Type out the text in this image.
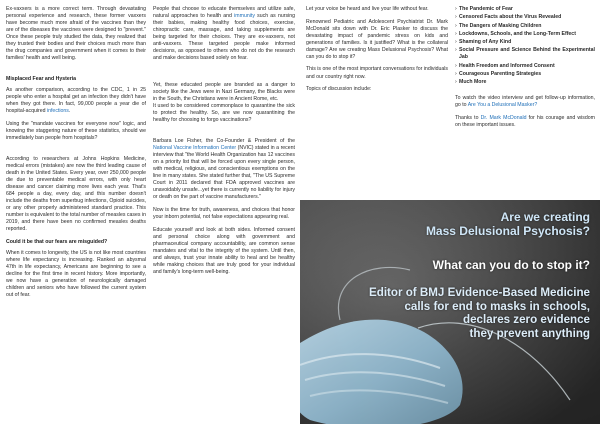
Ex-vaxxers is a more correct term. Through devastating personal experience and research, these former vaxxers have become much more afraid of the vaccines than they are of the diseases the vaccines were designed to "prevent." Once these people truly studied the data, they realized that they trusted their bodies and their choices much more than the drug companies and government when it comes to their families' health and well being.

Misplaced Fear and Hysteria

As another comparison, according to the CDC, 1 in 25 people who enter a hospital get an infection they didn't have when they got there. In fact, 99,000 people a year die of hospital-acquired infections.

Using the "mandate vaccines for everyone now" logic, and knowing the staggering nature of these statistics, should we immediately ban people from hospitals?

According to researchers at Johns Hopkins Medicine, medical errors (mistakes) are now the third leading cause of death in the United States. Every year, over 250,000 people die due to preventable medical errors, with only heart disease and cancer claiming more lives each year. That's 684 people a day, every day, and this number doesn't include the deaths from superbug infections, Opioid suicides, or any other properly administered standard practice. This number is equivalent to the total number of measles cases in 2019, and there have been no confirmed measles deaths reported.

Could it be that our fears are misguided?

When it comes to longevity, the US is not like most countries where life expectancy is increasing. Ranked an abysmal 47th in life expectancy, Americans are beginning to see a decline for the first time in recent history. More importantly, we now have a generation of neurologically damaged children and seniors who have followed the current system out of fear.

People that choose to educate themselves and utilize safe, natural approaches to health and immunity such as nursing their babies, making healthy food choices, exercise, chiropractic care, massage, and taking supplements are being targeted for their choices. They are ex-vaxxers, not anti-vaxxers. These targeted people make informed decisions, as opposed to others who do not do the research and make decisions based solely on fear.

Yet, these educated people are branded as a danger to society like the Jews were in Nazi Germany, the Blacks were in the South, the Christians were in Ancient Rome, etc.
It used to be considered commonplace to quarantine the sick to protect the healthy. So, are we now quarantining the healthy for choosing to forgo vaccinations?

Barbara Loe Fisher, the Co-Founder & President of the National Vaccine Information Center (NVIC) stated in a recent interview that "the World Health Organization has 12 vaccines on a priority list that will be forced upon every single person, with medical, religious, and conscientious exemptions on the line in many states. She stated further that, "The US Supreme Court in 2011 declared that FDA approved vaccines are unavoidably unsafe...yet there is currently no liability for injury or death on the part of vaccine manufacturers."

Now is the time for truth, awareness, and choices that honor your inborn potential, not false expectations appearing real.

Educate yourself and look at both sides. Informed consent and personal choice along with government and pharmaceutical company accountability, are common sense mandates and vital to the integrity of the system. Until then, and always, trust your innate ability to heal and be healthy while making choices that are truly good for your individual and family's long-term well-being.

Let your voice be heard and live your life without fear.

Renowned Pediatric and Adolescent Psychiatrist Dr. Mark McDonald sits down with Dr. Eric Plasker to discuss the devastating impact of pandemic stress on kids and generations of families. Is it justified? What is the collateral damage? Are we creating Mass Delusional Psychosis? What can you do to stop it?

This is one of the most important conversations for individuals and our country right now.

Topics of discussion include:

› The Pandemic of Fear
› Censored Facts about the Virus Revealed
› The Dangers of Masking Children
› Lockdowns, Schools, and the Long-Term Effect
› Shaming of Any Kind
› Social Pressure and Science Behind the Experimental Jab
› Health Freedom and Informed Consent
› Courageous Parenting Strategies
› Much More

To watch the video interview and get follow-up information, go to Are You a Delusional Masker?

Thanks to Dr. Mark McDonald for his courage and wisdom on these important issues.

Are we creating
Mass Delusional Psychosis?
What can you do to stop it?
Editor of BMJ Evidence-Based Medicine
calls for end to masks in schools,
declares zero evidence
they prevent anything
